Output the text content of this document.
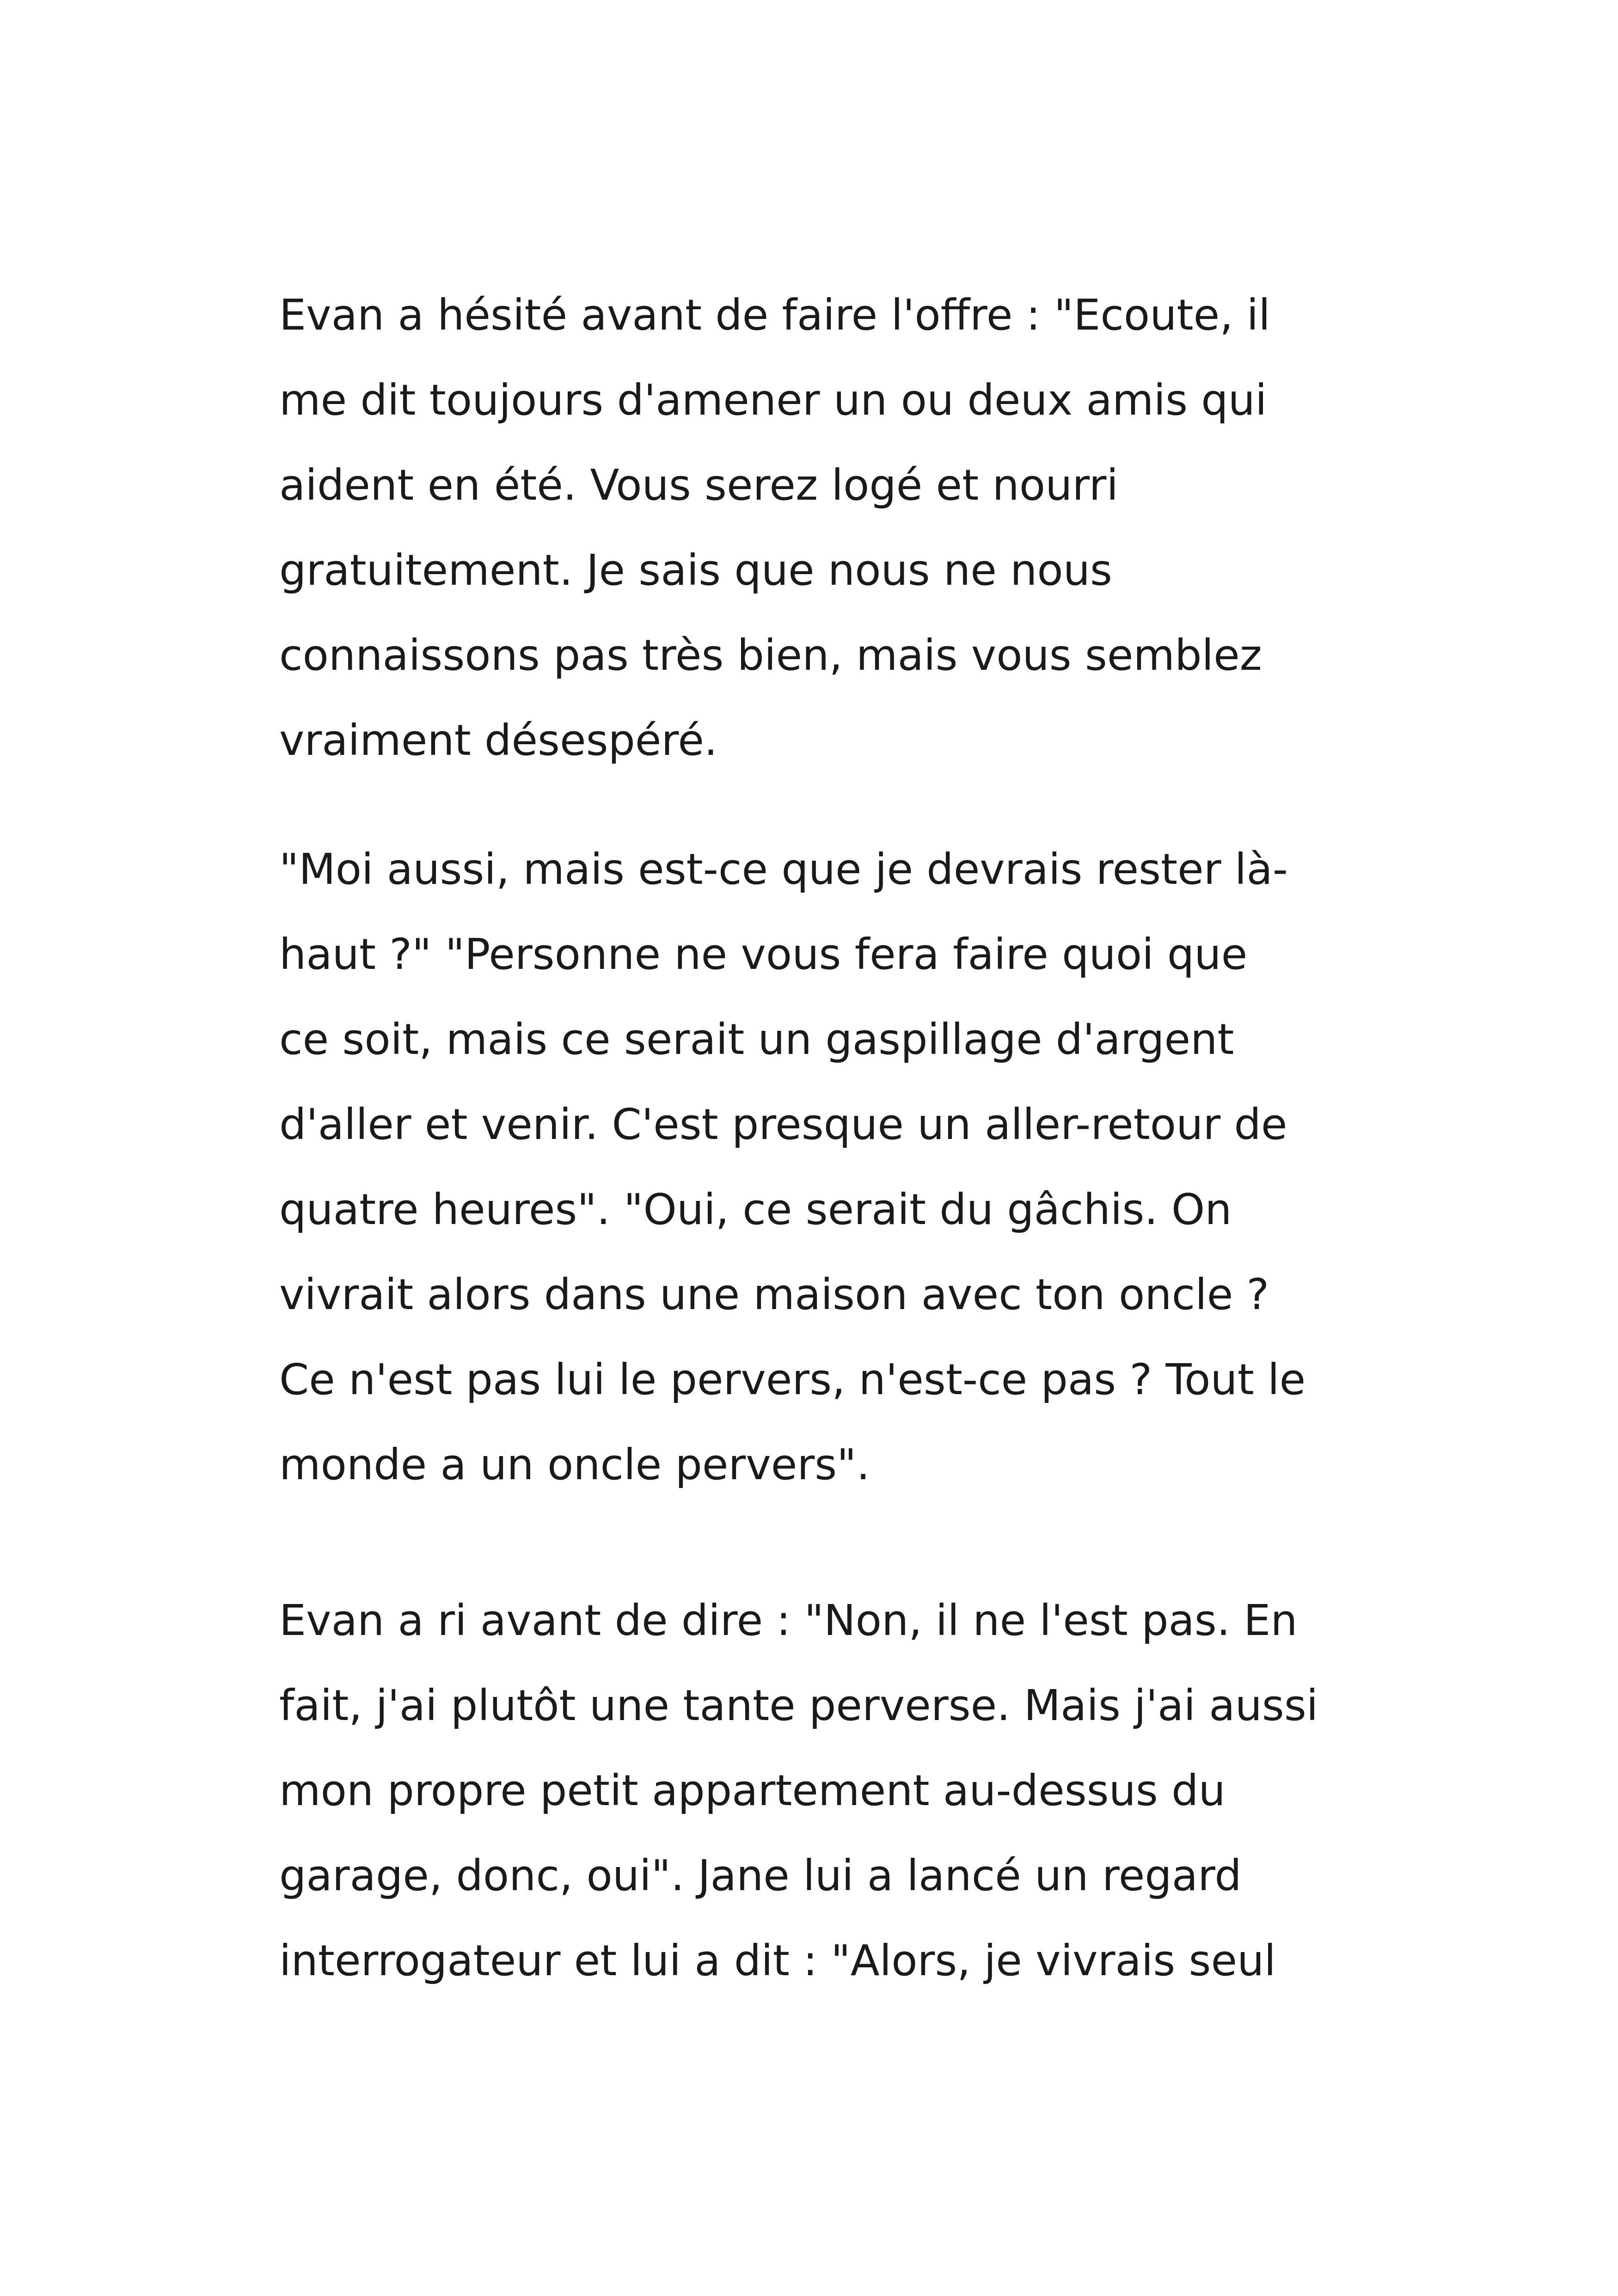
Evan a hésité avant de faire l'offre : "Ecoute, il
me dit toujours d'amener un ou deux amis qui
aident en été. Vous serez logé et nourri
gratuitement. Je sais que nous ne nous
connaissons pas très bien, mais vous semblez
vraiment désespéré.
"Moi aussi, mais est-ce que je devrais rester là-
haut ?" "Personne ne vous fera faire quoi que
ce soit, mais ce serait un gaspillage d'argent
d'aller et venir. C'est presque un aller-retour de
quatre heures". "Oui, ce serait du gâchis. On
vivrait alors dans une maison avec ton oncle ?
Ce n'est pas lui le pervers, n'est-ce pas ? Tout le
monde a un oncle pervers".
Evan a ri avant de dire : "Non, il ne l'est pas. En
fait, j'ai plutôt une tante perverse. Mais j'ai aussi
mon propre petit appartement au-dessus du
garage, donc, oui". Jane lui a lancé un regard
interrogateur et lui a dit : "Alors, je vivrais seul
